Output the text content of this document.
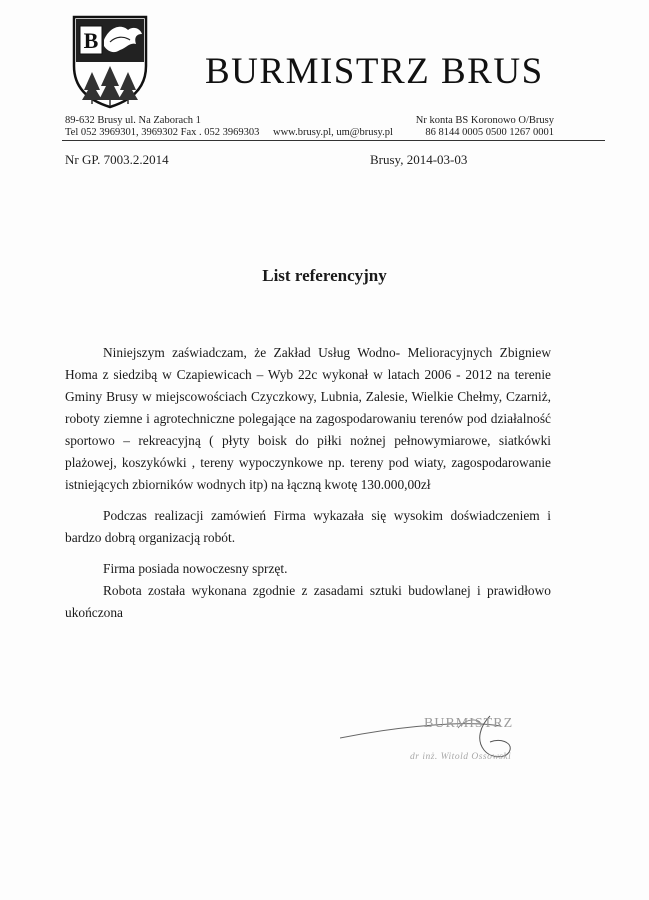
B
BURMISTRZ BRUS
89-632 Brusy ul. Na Zaborach 1
Tel 052 3969301, 3969302 Fax . 052 3969303 www.brusy.pl, um@brusy.pl
Nr konta BS Koronowo O/Brusy
86 8144 0005 0500 1267 0001
Nr GP. 7003.2.2014	Brusy, 2014-03-03
List referencyjny

Niniejszym zaświadczam, że Zakład Usług Wodno- Melioracyjnych Zbigniew Homa z siedzibą w Czapiewicach – Wyb 22c wykonał w latach 2006 - 2012 na terenie Gminy Brusy w miejscowościach Czyczkowy, Lubnia, Zalesie, Wielkie Chełmy, Czarniż, roboty ziemne i agrotechniczne polegające na zagospodarowaniu terenów pod działalność sportowo – rekreacyjną ( płyty boisk do piłki nożnej pełnowymiarowe, siatkówki plażowej, koszykówki , tereny wypoczynkowe np. tereny pod wiaty, zagospodarowanie istniejących zbiorników wodnych itp) na łączną kwotę 130.000,00zł

Podczas realizacji zamówień Firma wykazała się wysokim doświadczeniem i bardzo dobrą organizacją robót.

Firma posiada nowoczesny sprzęt.

Robota została wykonana zgodnie z zasadami sztuki budowlanej i prawidłowo ukończona

BURMISTRZ
dr inż. Witold Ossowski
